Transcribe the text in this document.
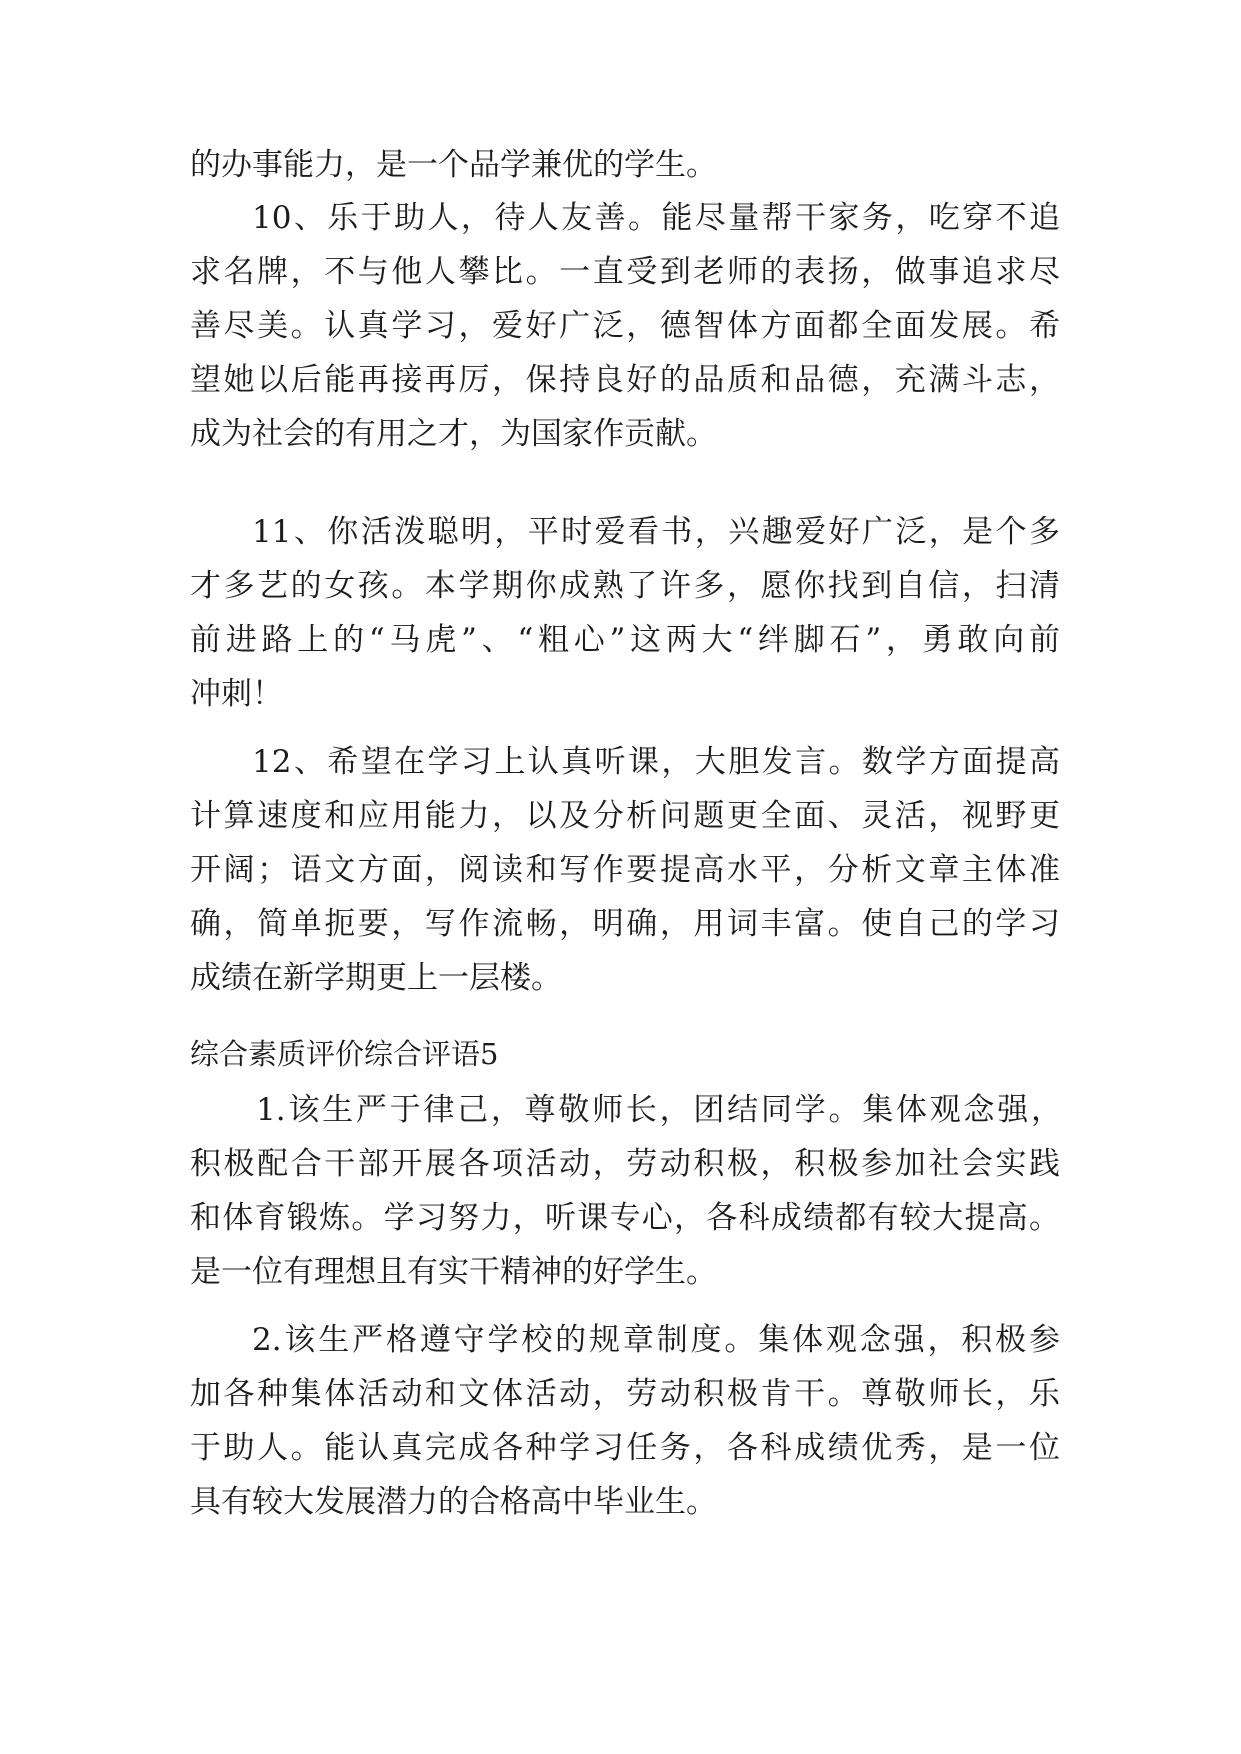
的办事能力，是一个品学兼优的学生。
10、乐于助人，待人友善。能尽量帮干家务，吃穿不追
求名牌，不与他人攀比。一直受到老师的表扬，做事追求尽
善尽美。认真学习，爱好广泛，德智体方面都全面发展。希
望她以后能再接再厉，保持良好的品质和品德，充满斗志，
成为社会的有用之才，为国家作贡献。
11、你活泼聪明，平时爱看书，兴趣爱好广泛，是个多
才多艺的女孩。本学期你成熟了许多，愿你找到自信，扫清
前进路上的“马虎”、“粗心”这两大“绊脚石”，勇敢向前
冲刺！
12、希望在学习上认真听课，大胆发言。数学方面提高
计算速度和应用能力，以及分析问题更全面、灵活，视野更
开阔；语文方面，阅读和写作要提高水平，分析文章主体准
确，简单扼要，写作流畅，明确，用词丰富。使自己的学习
成绩在新学期更上一层楼。
综合素质评价综合评语5
1.该生严于律己，尊敬师长，团结同学。集体观念强，
积极配合干部开展各项活动，劳动积极，积极参加社会实践
和体育锻炼。学习努力，听课专心，各科成绩都有较大提高。
是一位有理想且有实干精神的好学生。
2.该生严格遵守学校的规章制度。集体观念强，积极参
加各种集体活动和文体活动，劳动积极肯干。尊敬师长，乐
于助人。能认真完成各种学习任务，各科成绩优秀，是一位
具有较大发展潜力的合格高中毕业生。
